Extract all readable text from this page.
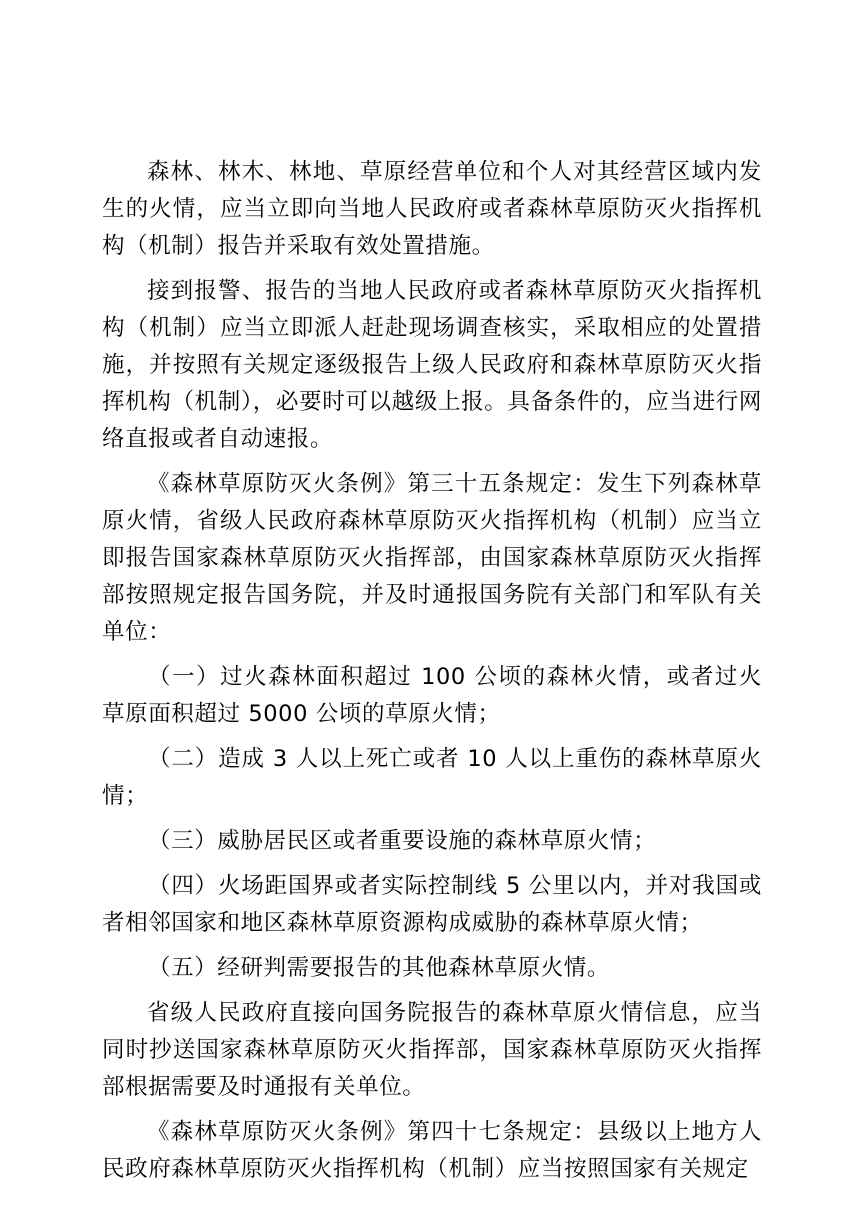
森林、林木、林地、草原经营单位和个人对其经营区域内发生的火情，应当立即向当地人民政府或者森林草原防灭火指挥机构（机制）报告并采取有效处置措施。

接到报警、报告的当地人民政府或者森林草原防灭火指挥机构（机制）应当立即派人赶赴现场调查核实，采取相应的处置措施，并按照有关规定逐级报告上级人民政府和森林草原防灭火指挥机构（机制），必要时可以越级上报。具备条件的，应当进行网络直报或者自动速报。

《森林草原防灭火条例》第三十五条规定：发生下列森林草原火情，省级人民政府森林草原防灭火指挥机构（机制）应当立即报告国家森林草原防灭火指挥部，由国家森林草原防灭火指挥部按照规定报告国务院，并及时通报国务院有关部门和军队有关单位：

（一）过火森林面积超过 100 公顷的森林火情，或者过火草原面积超过 5000 公顷的草原火情；

（二）造成 3 人以上死亡或者 10 人以上重伤的森林草原火情；

（三）威胁居民区或者重要设施的森林草原火情；

（四）火场距国界或者实际控制线 5 公里以内，并对我国或者相邻国家和地区森林草原资源构成威胁的森林草原火情；

（五）经研判需要报告的其他森林草原火情。

省级人民政府直接向国务院报告的森林草原火情信息，应当同时抄送国家森林草原防灭火指挥部，国家森林草原防灭火指挥部根据需要及时通报有关单位。

《森林草原防灭火条例》第四十七条规定：县级以上地方人民政府森林草原防灭火指挥机构（机制）应当按照国家有关规定
